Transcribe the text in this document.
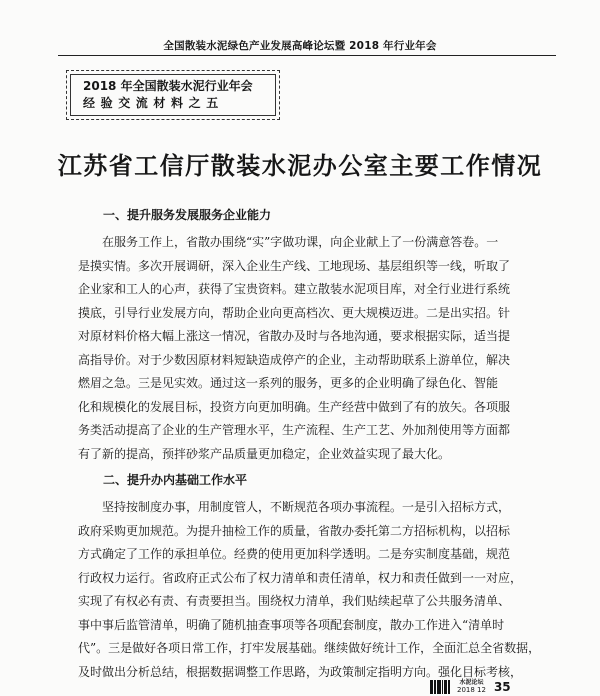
全国散装水泥绿色产业发展高峰论坛暨 2018 年行业年会
2018 年全国散装水泥行业年会
经验交流材料之五
江苏省工信厅散装水泥办公室主要工作情况
一、提升服务发展服务企业能力
在服务工作上，省散办围绕“实”字做功课，向企业献上了一份满意答卷。一
是摸实情。多次开展调研，深入企业生产线、工地现场、基层组织等一线，听取了
企业家和工人的心声，获得了宝贵资料。建立散装水泥项目库，对全行业进行系统
摸底，引导行业发展方向，帮助企业向更高档次、更大规模迈进。二是出实招。针
对原材料价格大幅上涨这一情况，省散办及时与各地沟通，要求根据实际，适当提
高指导价。对于少数因原材料短缺造成停产的企业，主动帮助联系上游单位，解决
燃眉之急。三是见实效。通过这一系列的服务，更多的企业明确了绿色化、智能
化和规模化的发展目标，投资方向更加明确。生产经营中做到了有的放矢。各项服
务类活动提高了企业的生产管理水平，生产流程、生产工艺、外加剂使用等方面都
有了新的提高，预拌砂浆产品质量更加稳定，企业效益实现了最大化。
二、提升办内基础工作水平
坚持按制度办事，用制度管人，不断规范各项办事流程。一是引入招标方式，
政府采购更加规范。为提升抽检工作的质量，省散办委托第二方招标机构，以招标
方式确定了工作的承担单位。经费的使用更加科学透明。二是夯实制度基础，规范
行政权力运行。省政府正式公布了权力清单和责任清单，权力和责任做到一一对应，
实现了有权必有责、有责要担当。围绕权力清单，我们贴续起草了公共服务清单、
事中事后监管清单，明确了随机抽查事项等各项配套制度，散办工作进入“清单时
代”。三是做好各项日常工作，打牢发展基础。继续做好统计工作，全面汇总全省数据，
及时做出分析总结，根据数据调整工作思路，为政策制定指明方向。强化目标考核，
水泥论坛
2018 12 35
